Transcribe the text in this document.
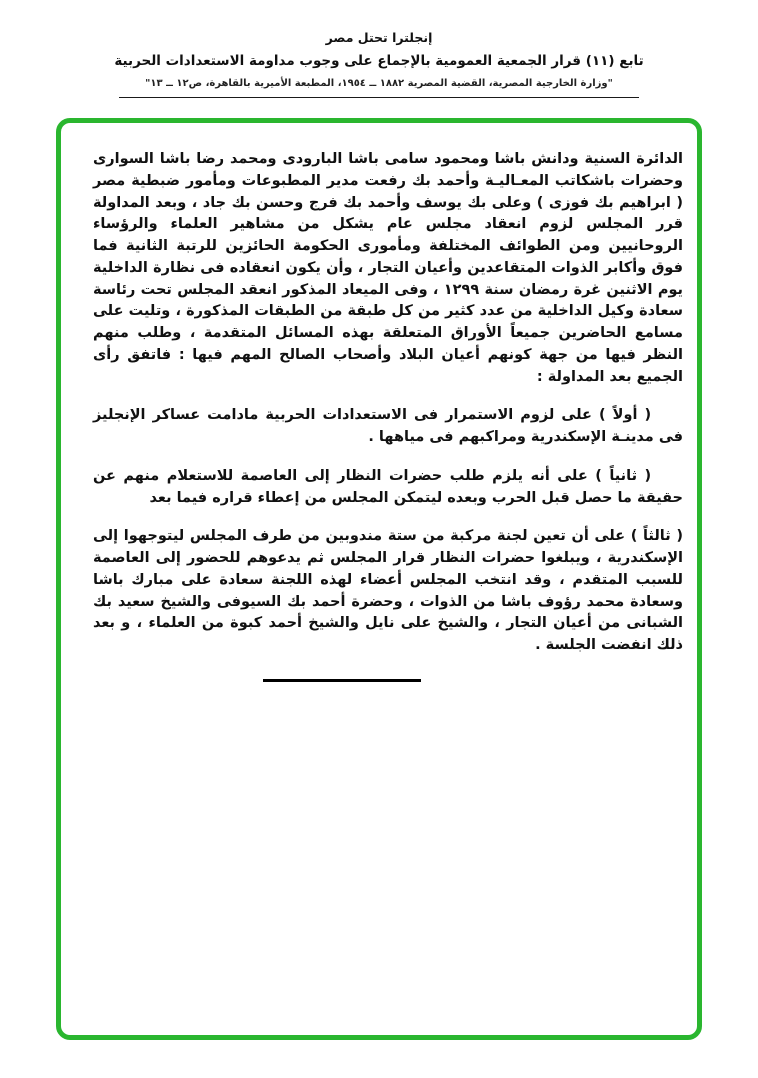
إنجلترا تحتل مصر
تابع (١١) قرار الجمعية العمومية بالإجماع على وجوب مداومة الاستعدادات الحربية
"وزارة الخارجية المصرية، القضية المصرية ١٨٨٢ ــ ١٩٥٤، المطبعة الأميرية بالقاهرة، ص١٢ ــ ١٣"

الدائرة السنية ودانش باشا ومحمود سامى باشا البارودى ومحمد رضا باشا السوارى وحضرات باشكاتب المعـاليـة وأحمد بك رفعت مدير المطبوعات ومأمور ضبطية مصر ( ابراهيم بك فوزى ) وعلى بك يوسف وأحمد بك فرج وحسن بك جاد ، وبعد المداولة قرر المجلس لزوم انعقاد مجلس عام يشكل من مشاهير العلماء والرؤساء الروحانيين ومن الطوائف المختلفة ومأمورى الحكومة الحائزين للرتبة الثانية فما فوق وأكابر الذوات المتقاعدين وأعيان التجار ، وأن يكون انعقاده فى نظارة الداخلية يوم الاثنين غرة رمضان سنة ١٢٩٩ ، وفى الميعاد المذكور انعقد المجلس تحت رئاسة سعادة وكيل الداخلية من عدد كثير من كل طبقة من الطبقات المذكورة ، وتليت على مسامع الحاضرين جميعاً الأوراق المتعلقة بهذه المسائل المتقدمة ، وطلب منهم النظر فيها من جهة كونهم أعيان البلاد وأصحاب الصالح المهم فيها : فاتفق رأى الجميع بعد المداولة :

( أولاً ) على لزوم الاستمرار فى الاستعدادات الحربية مادامت عساكر الإنجليز فى مدينـة الإسكندرية ومراكبهم فى مياهها .

( ثانياً ) على أنه يلزم طلب حضرات النظار إلى العاصمة للاستعلام منهم عن حقيقة ما حصل قبل الحرب وبعده ليتمكن المجلس من إعطاء قراره فيما بعد

( ثالثاً ) على أن تعين لجنة مركبة من ستة مندوبين من طرف المجلس ليتوجهوا إلى الإسكندرية ، ويبلغوا حضرات النظار قرار المجلس ثم يدعوهم للحضور إلى العاصمة للسبب المتقدم ، وقد انتخب المجلس أعضاء لهذه اللجنة سعادة على مبارك باشا وسعادة محمد رؤوف باشا من الذوات ، وحضرة أحمد بك السيوفى والشيخ سعيد بك الشبانى من أعيان التجار ، والشيخ على نايل والشيخ أحمد كبوة من العلماء ، و بعد ذلك انفضت الجلسة .
